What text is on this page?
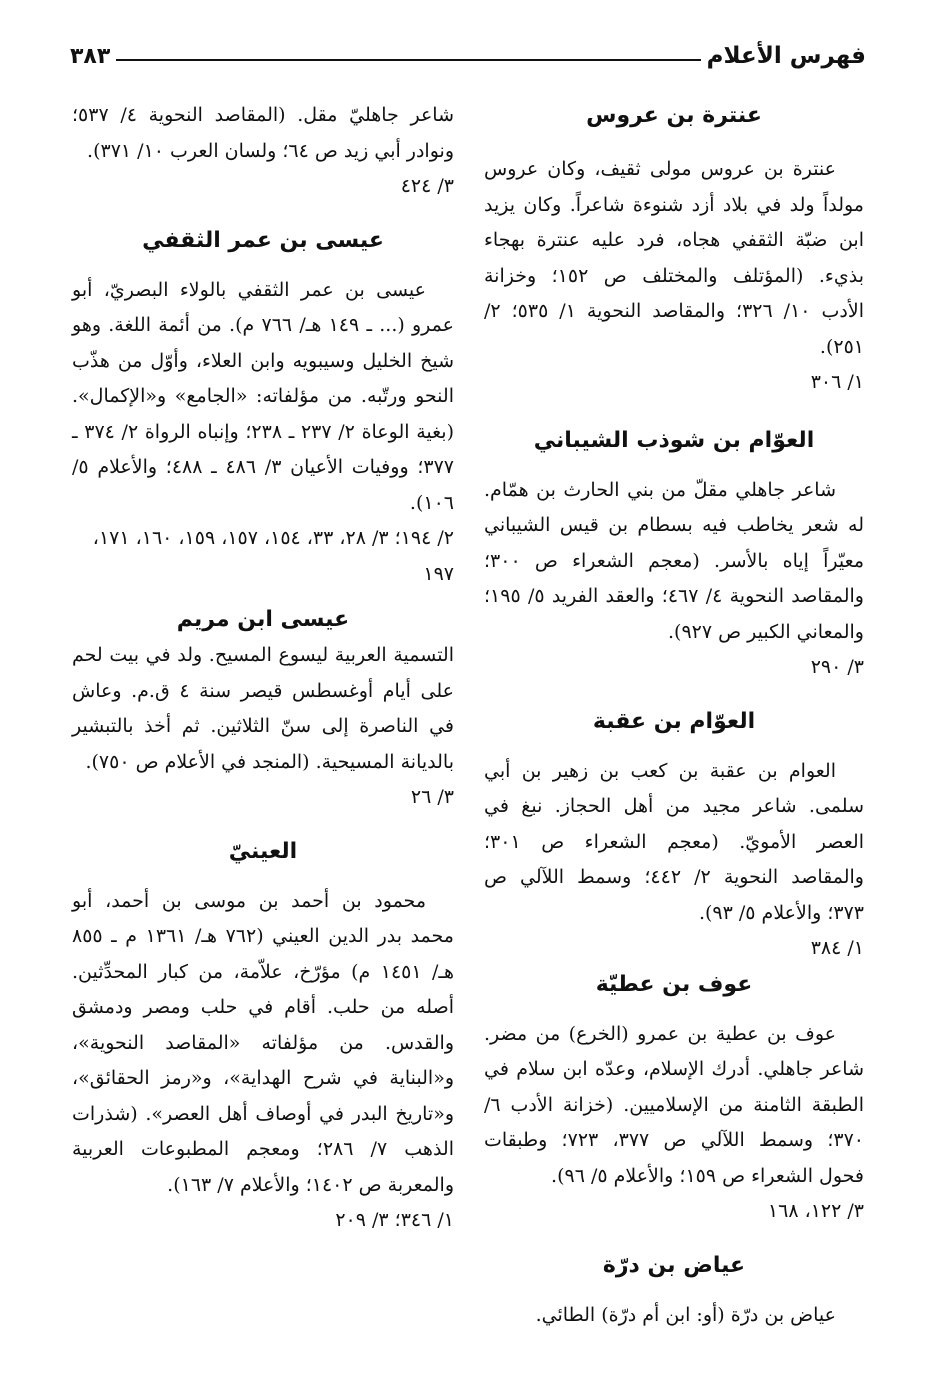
فهرس الأعلام
٣٨٣

عنترة بن عروس

عنترة بن عروس مولى ثقيف، وكان عروس مولداً ولد في بلاد أزد شنوءة شاعراً. وكان يزيد ابن ضبّة الثقفي هجاه، فرد عليه عنترة بهجاء بذيء. (المؤتلف والمختلف ص ١٥٢؛ وخزانة الأدب ١٠/ ٣٢٦؛ والمقاصد النحوية ١/ ٥٣٥؛ ٢/ ٢٥١).

١/ ٣٠٦

العوّام بن شوذب الشيباني

شاعر جاهلي مقلّ من بني الحارث بن همّام. له شعر يخاطب فيه بسطام بن قيس الشيباني معيّراً إياه بالأسر. (معجم الشعراء ص ٣٠٠؛ والمقاصد النحوية ٤/ ٤٦٧؛ والعقد الفريد ٥/ ١٩٥؛ والمعاني الكبير ص ٩٢٧).

٣/ ٢٩٠

العوّام بن عقبة

العوام بن عقبة بن كعب بن زهير بن أبي سلمى. شاعر مجيد من أهل الحجاز. نبغ في العصر الأمويّ. (معجم الشعراء ص ٣٠١؛ والمقاصد النحوية ٢/ ٤٤٢؛ وسمط اللآلي ص ٣٧٣؛ والأعلام ٥/ ٩٣).

١/ ٣٨٤

عوف بن عطيّة

عوف بن عطية بن عمرو (الخرع) من مضر. شاعر جاهلي. أدرك الإسلام، وعدّه ابن سلام في الطبقة الثامنة من الإسلاميين. (خزانة الأدب ٦/ ٣٧٠؛ وسمط اللآلي ص ٣٧٧، ٧٢٣؛ وطبقات فحول الشعراء ص ١٥٩؛ والأعلام ٥/ ٩٦).

٣/ ١٢٢، ١٦٨

عياض بن درّة

عياض بن درّة (أو: ابن أم درّة) الطائي.

شاعر جاهليّ مقل. (المقاصد النحوية ٤/ ٥٣٧؛ ونوادر أبي زيد ص ٦٤؛ ولسان العرب ١٠/ ٣٧١).

٣/ ٤٢٤

عيسى بن عمر الثقفي

عيسى بن عمر الثقفي بالولاء البصريّ، أبو عمرو (... ـ ١٤٩ هـ/ ٧٦٦ م). من أئمة اللغة. وهو شيخ الخليل وسيبويه وابن العلاء، وأوّل من هذّب النحو ورتّبه. من مؤلفاته: «الجامع» و«الإكمال». (بغية الوعاة ٢/ ٢٣٧ ـ ٢٣٨؛ وإنباه الرواة ٢/ ٣٧٤ ـ ٣٧٧؛ ووفيات الأعيان ٣/ ٤٨٦ ـ ٤٨٨؛ والأعلام ٥/ ١٠٦).

٢/ ١٩٤؛ ٣/ ٢٨، ٣٣، ١٥٤، ١٥٧، ١٥٩، ١٦٠، ١٧١، ١٩٧

عيسى ابن مريم

التسمية العربية ليسوع المسيح. ولد في بيت لحم على أيام أوغسطس قيصر سنة ٤ ق.م. وعاش في الناصرة إلى سنّ الثلاثين. ثم أخذ بالتبشير بالديانة المسيحية. (المنجد في الأعلام ص ٧٥٠).

٣/ ٢٦

العينيّ

محمود بن أحمد بن موسى بن أحمد، أبو محمد بدر الدين العيني (٧٦٢ هـ/ ١٣٦١ م ـ ٨٥٥ هـ/ ١٤٥١ م) مؤرّخ، علاّمة، من كبار المحدِّثين. أصله من حلب. أقام في حلب ومصر ودمشق والقدس. من مؤلفاته «المقاصد النحوية»، و«البناية في شرح الهداية»، و«رمز الحقائق»، و«تاريخ البدر في أوصاف أهل العصر». (شذرات الذهب ٧/ ٢٨٦؛ ومعجم المطبوعات العربية والمعربة ص ١٤٠٢؛ والأعلام ٧/ ١٦٣).

١/ ٣٤٦؛ ٣/ ٢٠٩
